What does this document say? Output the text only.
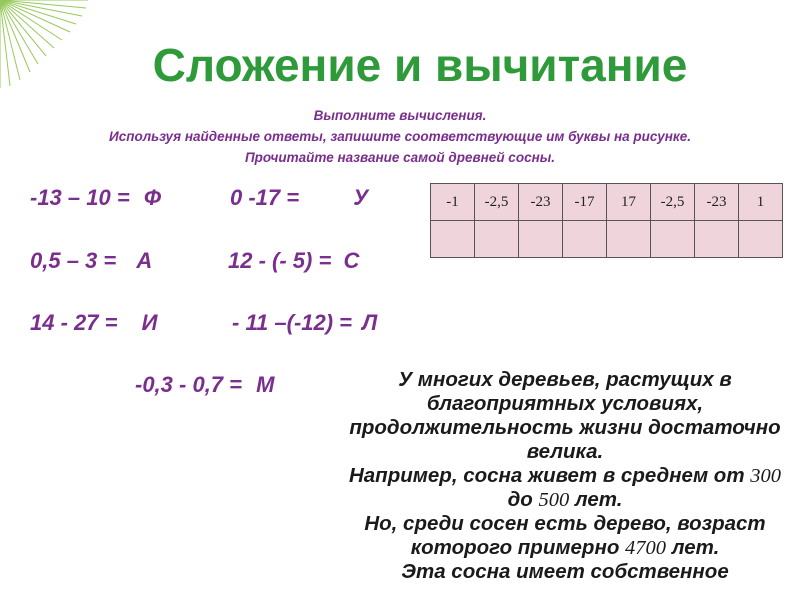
Сложение и вычитание
Выполните вычисления.
Используя найденные ответы, запишите соответствующие им буквы на рисунке.
Прочитайте название самой древней сосны.
-13 – 10 = Ф	0 -17 = У
0,5 – 3 = А	12 - (- 5) = С
14 - 27 = И	- 11 –(-12) = Л
-0,3 - 0,7 = М
-1	-2,5	-23	-17	17	-2,5	-23	1

У многих деревьев, растущих в благоприятных условиях, продолжительность жизни достаточно велика.

Например, сосна живет в среднем от 300 до 500 лет.

Но, среди сосен есть дерево, возраст которого примерно 4700 лет.

Эта сосна имеет собственное
